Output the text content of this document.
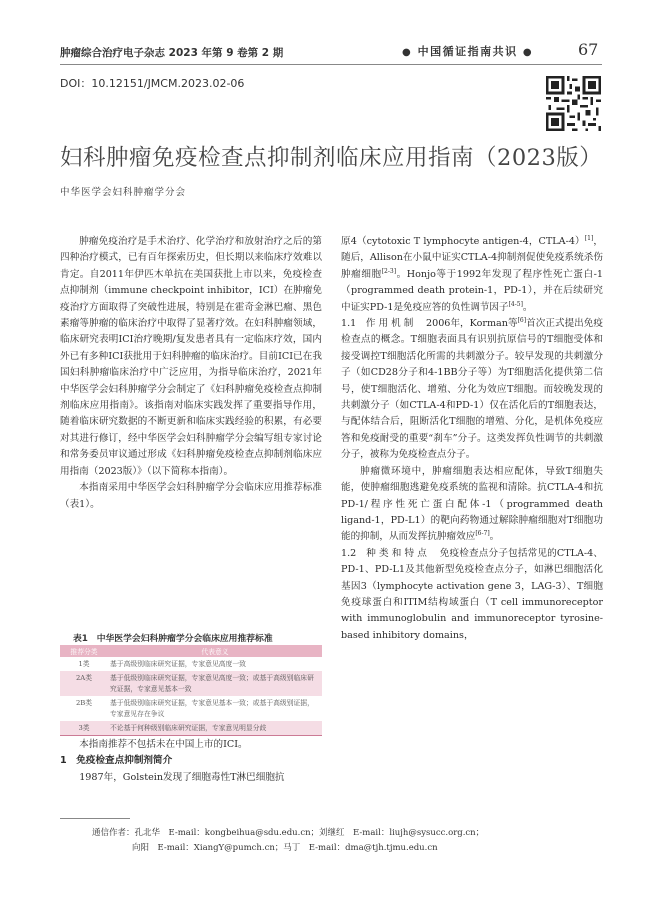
肿瘤综合治疗电子杂志 2023 年第 9 卷第 2 期	● 中国循证指南共识 ●	67
DOI：10.12151/JMCM.2023.02-06
妇科肿瘤免疫检查点抑制剂临床应用指南（2023版）
中华医学会妇科肿瘤学分会

肿瘤免疫治疗是手术治疗、化学治疗和放射治疗之后的第四种治疗模式，已有百年探索历史，但长期以来临床疗效难以肯定。自2011年伊匹木单抗在美国获批上市以来，免疫检查点抑制剂（immune checkpoint inhibitor，ICI）在肿瘤免疫治疗方面取得了突破性进展，特别是在霍奇金淋巴瘤、黑色素瘤等肿瘤的临床治疗中取得了显著疗效。在妇科肿瘤领域，临床研究表明ICI治疗晚期/复发患者具有一定临床疗效，国内外已有多种ICI获批用于妇科肿瘤的临床治疗。目前ICI已在我国妇科肿瘤临床治疗中广泛应用，为指导临床治疗，2021年中华医学会妇科肿瘤学分会制定了《妇科肿瘤免疫检查点抑制剂临床应用指南》。该指南对临床实践发挥了重要指导作用，随着临床研究数据的不断更新和临床实践经验的积累，有必要对其进行修订，经中华医学会妇科肿瘤学分会编写组专家讨论和常务委员审议通过形成《妇科肿瘤免疫检查点抑制剂临床应用指南（2023版）》（以下简称本指南）。

本指南采用中华医学会妇科肿瘤学分会临床应用推荐标准（表1）。

表1　中华医学会妇科肿瘤学分会临床应用推荐标准
推荐分类	代表意义
1类	基于高级别临床研究证据，专家意见高度一致
2A类	基于低级别临床研究证据，专家意见高度一致；或基于高级别临床研究证据，专家意见基本一致
2B类	基于低级别临床研究证据，专家意见基本一致；或基于高级别证据，专家意见存在争议
3类	不论基于何种级别临床研究证据，专家意见明显分歧

本指南推荐不包括未在中国上市的ICI。

1　免疫检查点抑制剂简介

1987年，Golstein发现了细胞毒性T淋巴细胞抗

原4（cytotoxic T lymphocyte antigen-4，CTLA-4）[1]，随后，Allison在小鼠中证实CTLA-4抑制剂促使免疫系统杀伤肿瘤细胞[2-3]。Honjo等于1992年发现了程序性死亡蛋白-1（programmed death protein-1，PD-1），并在后续研究中证实PD-1是免疫应答的负性调节因子[4-5]。

1.1　 作用机制　 2006年，Korman等[6]首次正式提出免疫检查点的概念。T细胞表面具有识别抗原信号的T细胞受体和接受调控T细胞活化所需的共刺激分子。较早发现的共刺激分子（如CD28分子和4-1BB分子等）为T细胞活化提供第二信号，使T细胞活化、增殖、分化为效应T细胞。而较晚发现的共刺激分子（如CTLA-4和PD-1）仅在活化后的T细胞表达，与配体结合后，阻断活化T细胞的增殖、分化，是机体免疫应答和免疫耐受的重要“刹车”分子。这类发挥负性调节的共刺激分子，被称为免疫检查点分子。

肿瘤微环境中，肿瘤细胞表达相应配体，导致T细胞失能，使肿瘤细胞逃避免疫系统的监视和清除。抗CTLA-4和抗PD-1/程序性死亡蛋白配体-1（programmed death ligand-1，PD-L1）的靶向药物通过解除肿瘤细胞对T细胞功能的抑制，从而发挥抗肿瘤效应[6-7]。

1.2　 种类和特点　 免疫检查点分子包括常见的CTLA-4、PD-1、PD-L1及其他新型免疫检查点分子，如淋巴细胞活化基因3（lymphocyte activation gene 3，LAG-3）、T细胞免疫球蛋白和ITIM结构域蛋白（T cell immunoreceptor with immunoglobulin and immunoreceptor tyrosine-based inhibitory domains，

通信作者：孔北华　E-mail：kongbeihua@sdu.edu.cn；刘继红　E-mail：liujh@sysucc.org.cn；
向阳　E-mail：XiangY@pumch.cn；马丁　E-mail：dma@tjh.tjmu.edu.cn
